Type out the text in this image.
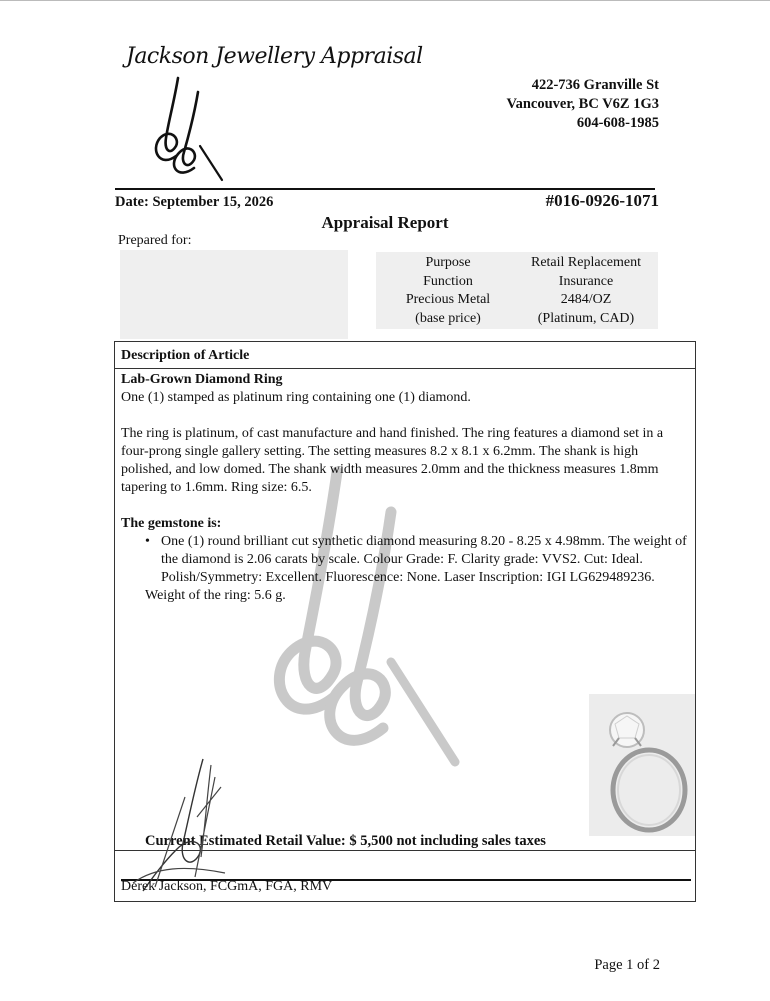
Jackson Jewellery Appraisal
422-736 Granville St
Vancouver, BC V6Z 1G3
604-608-1985
Date: September 15, 2026	#016-0926-1071
Appraisal Report
Prepared for:
Purpose
Function
Precious Metal
(base price)
Retail Replacement
Insurance
2484/OZ
(Platinum, CAD)
Description of Article

Lab-Grown Diamond Ring

One (1) stamped as platinum ring containing one (1) diamond.

The ring is platinum, of cast manufacture and hand finished. The ring features a diamond set in a four-prong single gallery setting. The setting measures 8.2 x 8.1 x 6.2mm. The shank is high polished, and low domed. The shank width measures 2.0mm and the thickness measures 1.8mm tapering to 1.6mm. Ring size: 6.5.

The gemstone is:

• One (1) round brilliant cut synthetic diamond measuring 8.20 - 8.25 x 4.98mm. The weight of the diamond is 2.06 carats by scale. Colour Grade: F. Clarity grade: VVS2. Cut: Ideal. Polish/Symmetry: Excellent. Fluorescence: None. Laser Inscription: IGI LG629489236.

Weight of the ring: 5.6 g.

Current Estimated Retail Value: $ 5,500 not including sales taxes
Derek Jackson, FCGmA, FGA, RMV
Page 1 of 2
